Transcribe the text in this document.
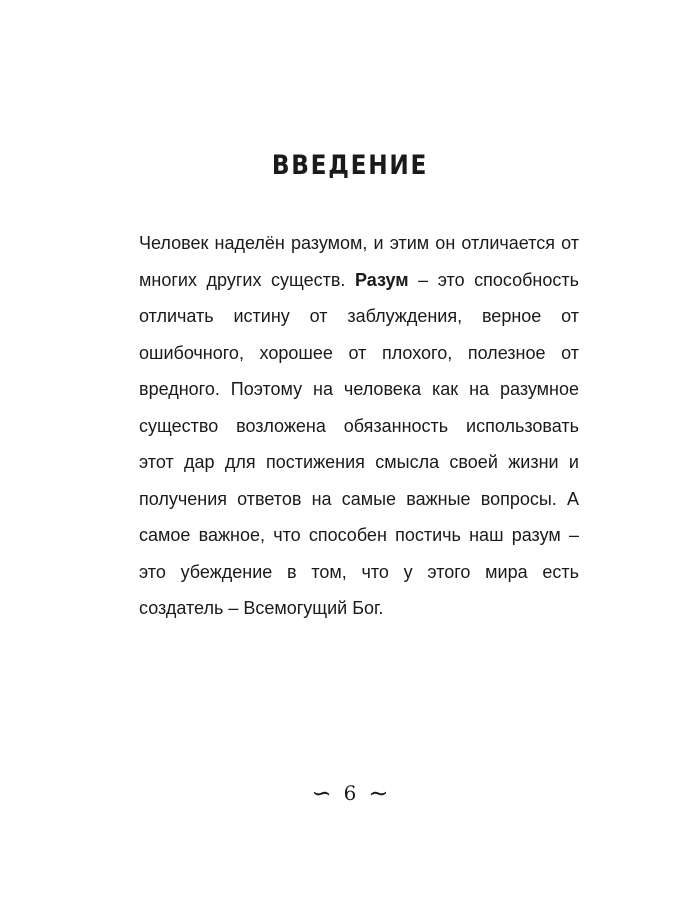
ВВЕДЕНИЕ

Человек наделён разумом, и этим он отличается от многих других существ. Разум – это способность отличать истину от заблуждения, верное от ошибочного, хорошее от плохого, полезное от вредного. Поэтому на человека как на разумное существо возложена обязанность использовать этот дар для постижения смысла своей жизни и получения ответов на самые важные вопросы. А самое важное, что способен постичь наш разум – это убеждение в том, что у этого мира есть создатель – Всемогущий Бог.

∽ 6 ∼
